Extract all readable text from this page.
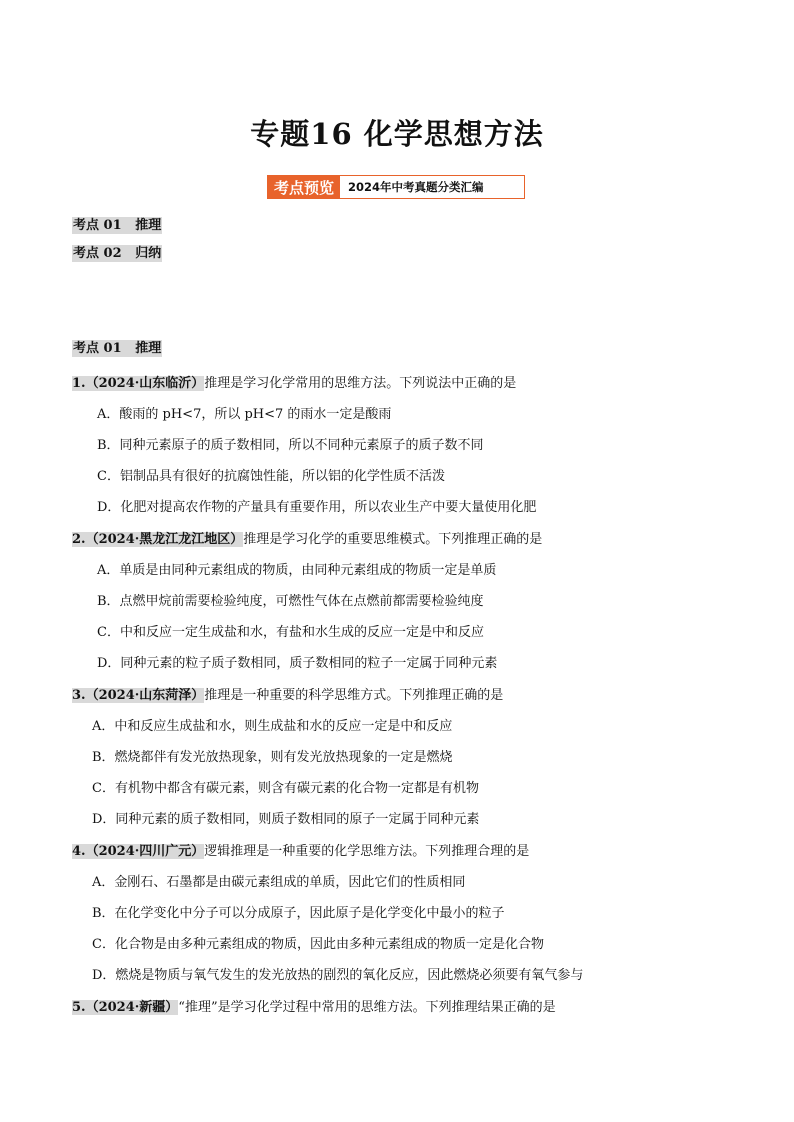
专题16 化学思想方法
考点预览	2024年中考真题分类汇编
考点 01   推理
考点 02   归纳
考点 01   推理
1.（2024·山东临沂）推理是学习化学常用的思维方法。下列说法中正确的是
A．酸雨的 pH<7，所以 pH<7 的雨水一定是酸雨
B．同种元素原子的质子数相同，所以不同种元素原子的质子数不同
C．铝制品具有很好的抗腐蚀性能，所以铝的化学性质不活泼
D．化肥对提高农作物的产量具有重要作用，所以农业生产中要大量使用化肥
2.（2024·黑龙江龙江地区）推理是学习化学的重要思维模式。下列推理正确的是
A．单质是由同种元素组成的物质，由同种元素组成的物质一定是单质
B．点燃甲烷前需要检验纯度，可燃性气体在点燃前都需要检验纯度
C．中和反应一定生成盐和水，有盐和水生成的反应一定是中和反应
D．同种元素的粒子质子数相同，质子数相同的粒子一定属于同种元素
3.（2024·山东菏泽）推理是一种重要的科学思维方式。下列推理正确的是
A．中和反应生成盐和水，则生成盐和水的反应一定是中和反应
B．燃烧都伴有发光放热现象，则有发光放热现象的一定是燃烧
C．有机物中都含有碳元素，则含有碳元素的化合物一定都是有机物
D．同种元素的质子数相同，则质子数相同的原子一定属于同种元素
4.（2024·四川广元）逻辑推理是一种重要的化学思维方法。下列推理合理的是
A．金刚石、石墨都是由碳元素组成的单质，因此它们的性质相同
B．在化学变化中分子可以分成原子，因此原子是化学变化中最小的粒子
C．化合物是由多种元素组成的物质，因此由多种元素组成的物质一定是化合物
D．燃烧是物质与氧气发生的发光放热的剧烈的氧化反应，因此燃烧必须要有氧气参与
5.（2024·新疆）“推理”是学习化学过程中常用的思维方法。下列推理结果正确的是
